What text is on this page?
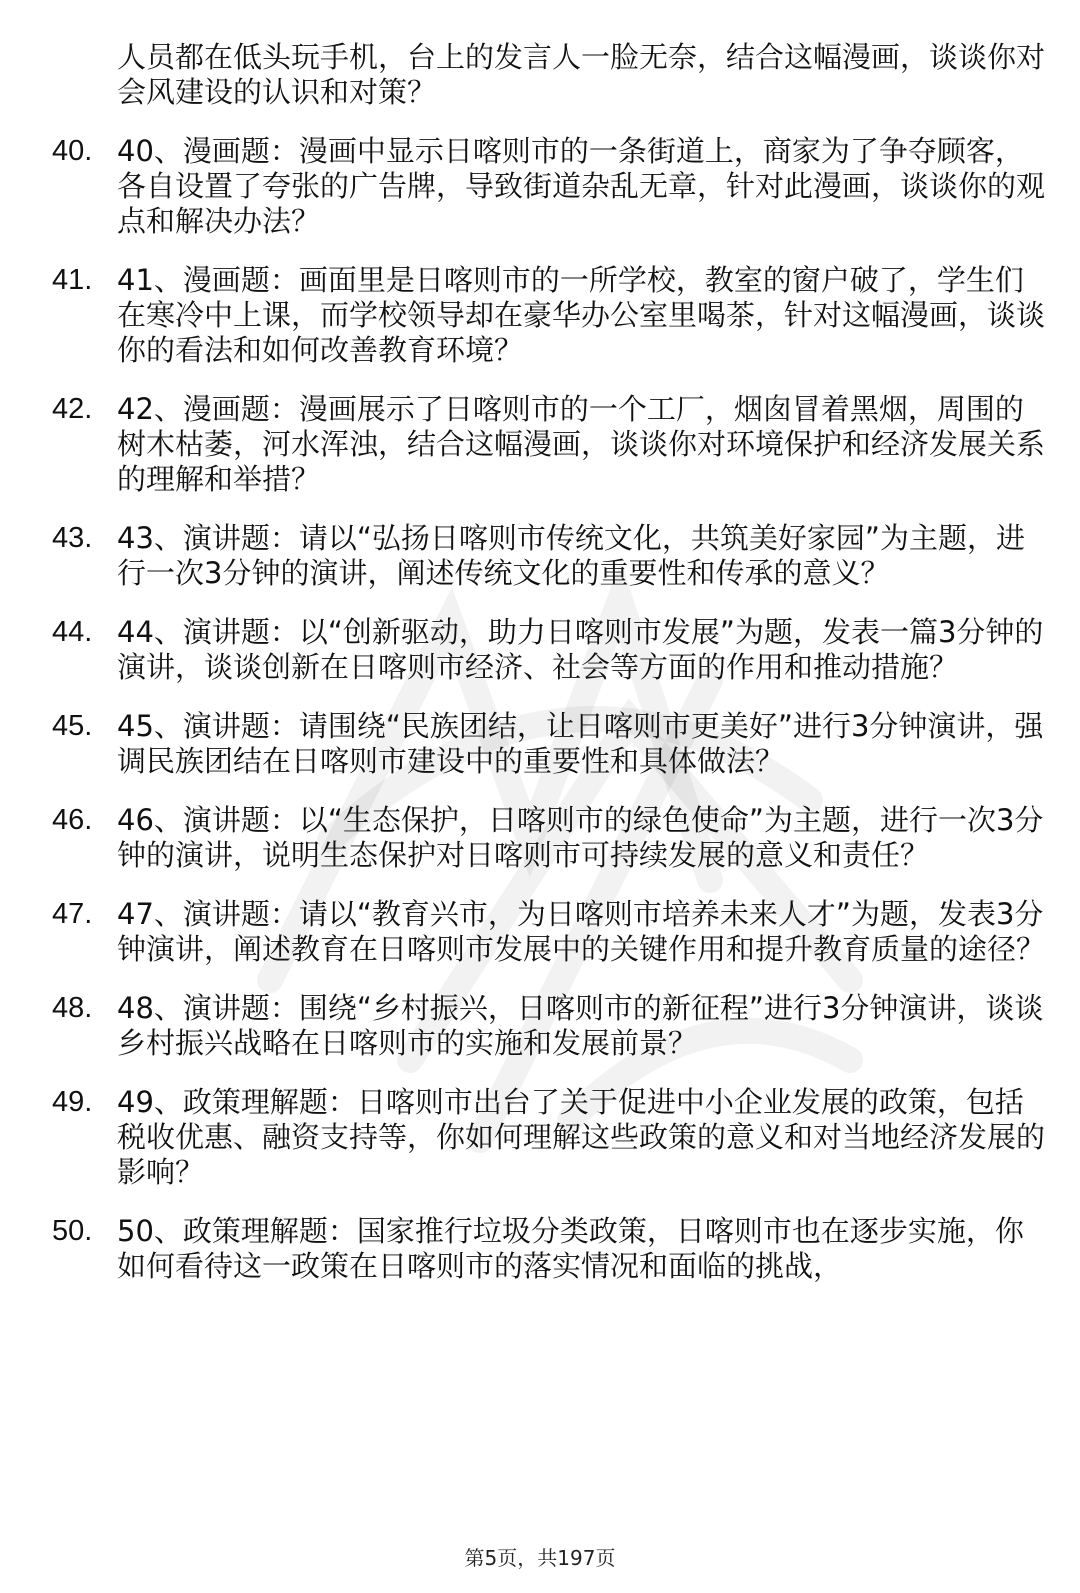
人员都在低头玩手机，台上的发言人一脸无奈，结合这幅漫画，谈谈你对会风建设的认识和对策？
40. 40、漫画题：漫画中显示日喀则市的一条街道上，商家为了争夺顾客，各自设置了夸张的广告牌，导致街道杂乱无章，针对此漫画，谈谈你的观点和解决办法？
41. 41、漫画题：画面里是日喀则市的一所学校，教室的窗户破了，学生们在寒冷中上课，而学校领导却在豪华办公室里喝茶，针对这幅漫画，谈谈你的看法和如何改善教育环境？
42. 42、漫画题：漫画展示了日喀则市的一个工厂，烟囱冒着黑烟，周围的树木枯萎，河水浑浊，结合这幅漫画，谈谈你对环境保护和经济发展关系的理解和举措？
43. 43、演讲题：请以“弘扬日喀则市传统文化，共筑美好家园”为主题，进行一次3分钟的演讲，阐述传统文化的重要性和传承的意义？
44. 44、演讲题：以“创新驱动，助力日喀则市发展”为题，发表一篇3分钟的演讲，谈谈创新在日喀则市经济、社会等方面的作用和推动措施？
45. 45、演讲题：请围绕“民族团结，让日喀则市更美好”进行3分钟演讲，强调民族团结在日喀则市建设中的重要性和具体做法？
46. 46、演讲题：以“生态保护，日喀则市的绿色使命”为主题，进行一次3分钟的演讲，说明生态保护对日喀则市可持续发展的意义和责任？
47. 47、演讲题：请以“教育兴市，为日喀则市培养未来人才”为题，发表3分钟演讲，阐述教育在日喀则市发展中的关键作用和提升教育质量的途径？
48. 48、演讲题：围绕“乡村振兴，日喀则市的新征程”进行3分钟演讲，谈谈乡村振兴战略在日喀则市的实施和发展前景？
49. 49、政策理解题：日喀则市出台了关于促进中小企业发展的政策，包括税收优惠、融资支持等，你如何理解这些政策的意义和对当地经济发展的影响？
50. 50、政策理解题：国家推行垃圾分类政策，日喀则市也在逐步实施，你如何看待这一政策在日喀则市的落实情况和面临的挑战，
第5页，共197页
